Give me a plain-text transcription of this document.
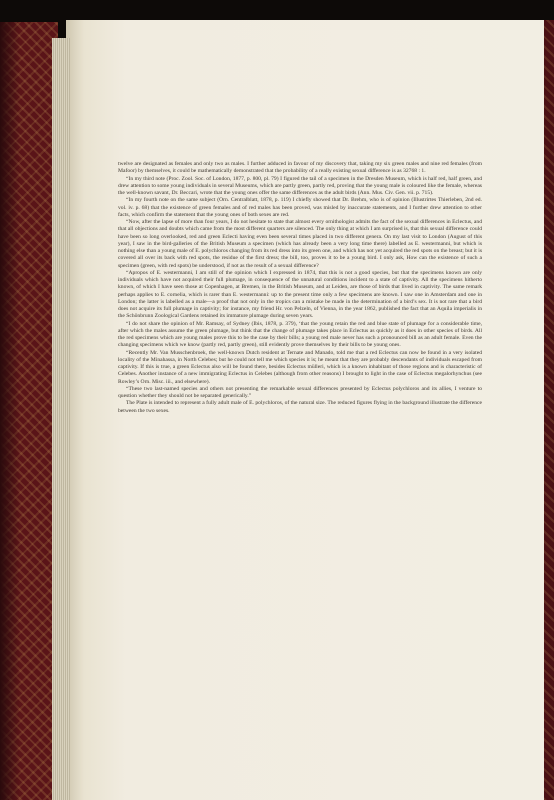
twelve are designated as females and only two as males. I further adduced in favour of my discovery that, taking my six green males and nine red females (from Mafoor) by themselves, it could be mathematically demonstrated that the probability of a really existing sexual difference is as 32768 : 1.

“In my third note (Proc. Zool. Soc. of London, 1877, p. 800, pl. 79) I figured the tail of a specimen in the Dresden Museum, which is half red, half green, and drew attention to some young individuals in several Museums, which are partly green, partly red, proving that the young male is coloured like the female, whereas the well-known savant, Dr. Beccari, wrote that the young ones offer the same differences as the adult birds (Ann. Mus. Civ. Gen. vii. p. 715).

“In my fourth note on the same subject (Orn. Centralblatt, 1878, p. 119) I chiefly showed that Dr. Brehm, who is of opinion (Illustrirtes Thierleben, 2nd ed. vol. iv. p. 68) that the existence of green females and of red males has been proved, was misled by inaccurate statements, and I further drew attention to other facts, which confirm the statement that the young ones of both sexes are red.

“Now, after the lapse of more than four years, I do not hesitate to state that almost every ornithologist admits the fact of the sexual differences in Eclectus, and that all objections and doubts which came from the most different quarters are silenced. The only thing at which I am surprised is, that this sexual difference could have been so long overlooked, red and green Eclecti having even been several times placed in two different genera. On my last visit to London (August of this year), I saw in the bird-galleries of the British Museum a specimen (which has already been a very long time there) labelled as E. westermanni, but which is nothing else than a young male of E. polychloros changing from its red dress into its green one, and which has not yet acquired the red spots on the breast; but it is covered all over its back with red spots, the residue of the first dress; the bill, too, proves it to be a young bird. I only ask, How can the existence of such a specimen (green, with red spots) be understood, if not as the result of a sexual difference?

“Apropos of E. westermanni, I am still of the opinion which I expressed in 1874, that this is not a good species, but that the specimens known are only individuals which have not acquired their full plumage, in consequence of the unnatural conditions incident to a state of captivity. All the specimens hitherto known, of which I have seen those at Copenhagen, at Bremen, in the British Museum, and at Leiden, are those of birds that lived in captivity. The same remark perhaps applies to E. cornelia, which is rarer than E. westermanni: up to the present time only a few specimens are known. I saw one in Amsterdam and one in London; the latter is labelled as a male—a proof that not only in the tropics can a mistake be made in the determination of a bird’s sex. It is not rare that a bird does not acquire its full plumage in captivity; for instance, my friend Hr. von Pelzeln, of Vienna, in the year 1862, published the fact that an Aquila imperialis in the Schönbrunn Zoological Gardens retained its immature plumage during seven years.

“I do not share the opinion of Mr. Ramsay, of Sydney (Ibis, 1878, p. 379), ‘that the young retain the red and blue state of plumage for a considerable time, after which the males assume the green plumage, but think that the change of plumage takes place in Eclectus as quickly as it does in other species of birds. All the red specimens which are young males prove this to be the case by their bills; a young red male never has such a pronounced bill as an adult female. Even the changing specimens which we know (partly red, partly green), still evidently prove themselves by their bills to be young ones.

“Recently Mr. Van Musschenbroek, the well-known Dutch resident at Ternate and Manado, told me that a red Eclectus can now be found in a very isolated locality of the Minahassa, in North Celebes; but he could not tell me which species it is; he meant that they are probably descendants of individuals escaped from captivity. If this is true, a green Eclectus also will be found there, besides Eclectus mülleri, which is a known inhabitant of those regions and is characteristic of Celebes. Another instance of a new immigrating Eclectus in Celebes (although from other reasons) I brought to light in the case of Eclectus megalorhynchus (see Rowley’s Orn. Misc. iii., and elsewhere).

“These two last-named species and others not presenting the remarkable sexual differences presented by Eclectus polychloros and its allies, I venture to question whether they should not be separated generically.”

The Plate is intended to represent a fully adult male of E. polychloros, of the natural size. The reduced figures flying in the background illustrate the difference between the two sexes.
